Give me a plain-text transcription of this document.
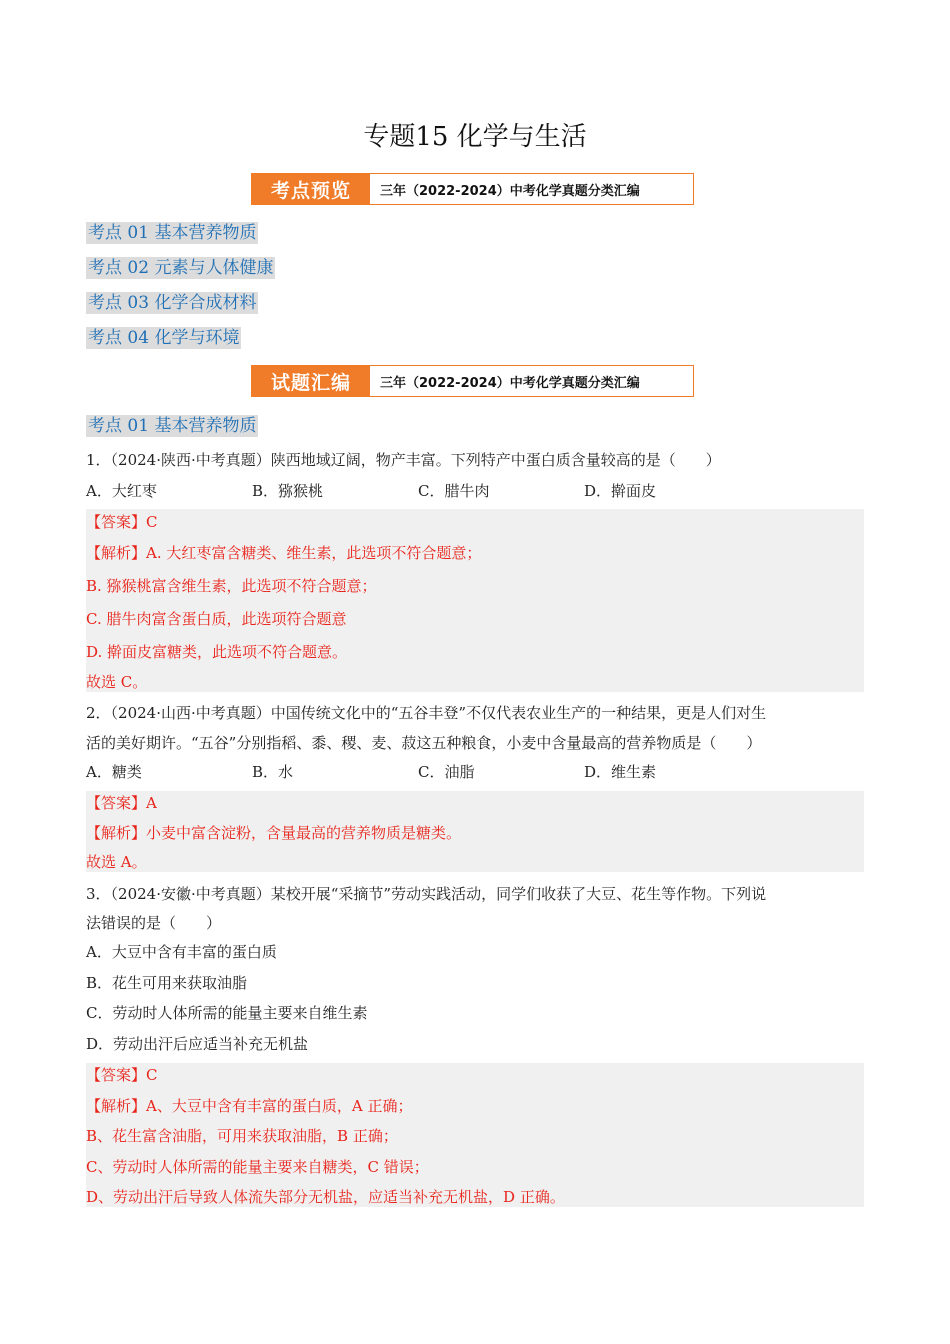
专题15 化学与生活
考点预览	三年（2022-2024）中考化学真题分类汇编
考点 01 基本营养物质
考点 02 元素与人体健康
考点 03 化学合成材料
考点 04 化学与环境
试题汇编	三年（2022-2024）中考化学真题分类汇编
考点 01 基本营养物质
1．（2024·陕西·中考真题）陕西地域辽阔，物产丰富。下列特产中蛋白质含量较高的是（　　）
A．大红枣	B．猕猴桃	C．腊牛肉	D．擀面皮
【答案】C
【解析】A. 大红枣富含糖类、维生素，此选项不符合题意；
B. 猕猴桃富含维生素，此选项不符合题意；
C. 腊牛肉富含蛋白质，此选项符合题意
D. 擀面皮富糖类，此选项不符合题意。
故选 C。
2．（2024·山西·中考真题）中国传统文化中的“五谷丰登”不仅代表农业生产的一种结果，更是人们对生
活的美好期许。“五谷”分别指稻、黍、稷、麦、菽这五种粮食，小麦中含量最高的营养物质是（　　）
A．糖类	B．水	C．油脂	D．维生素
【答案】A
【解析】小麦中富含淀粉，含量最高的营养物质是糖类。
故选 A。
3．（2024·安徽·中考真题）某校开展“采摘节”劳动实践活动，同学们收获了大豆、花生等作物。下列说
法错误的是（　　）
A．大豆中含有丰富的蛋白质
B．花生可用来获取油脂
C．劳动时人体所需的能量主要来自维生素
D．劳动出汗后应适当补充无机盐
【答案】C
【解析】A、大豆中含有丰富的蛋白质，A 正确；
B、花生富含油脂，可用来获取油脂，B 正确；
C、劳动时人体所需的能量主要来自糖类，C 错误；
D、劳动出汗后导致人体流失部分无机盐，应适当补充无机盐，D 正确。
